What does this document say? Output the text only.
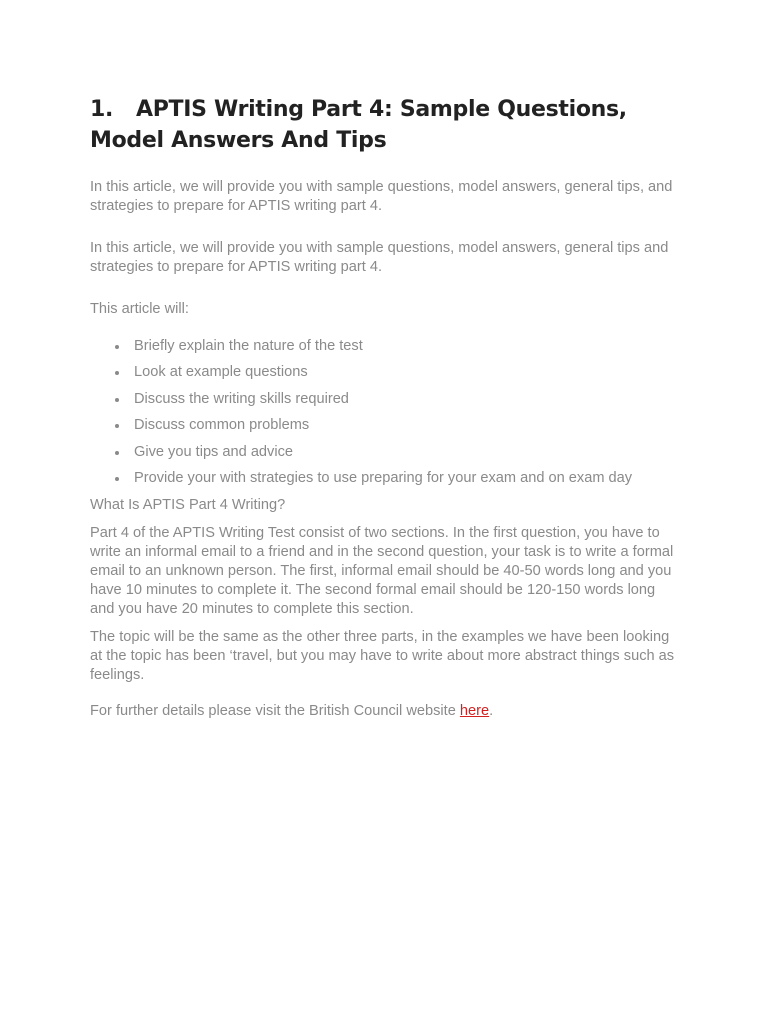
1. APTIS Writing Part 4: Sample Questions, Model Answers And Tips

In this article, we will provide you with sample questions, model answers, general tips, and strategies to prepare for APTIS writing part 4.

In this article, we will provide you with sample questions, model answers, general tips and strategies to prepare for APTIS writing part 4.

This article will:

Briefly explain the nature of the test
Look at example questions
Discuss the writing skills required
Discuss common problems
Give you tips and advice
Provide your with strategies to use preparing for your exam and on exam day
What Is APTIS Part 4 Writing?

Part 4 of the APTIS Writing Test consist of two sections. In the first question, you have to write an informal email to a friend and in the second question, your task is to write a formal email to an unknown person. The first, informal email should be 40-50 words long and you have 10 minutes to complete it. The second formal email should be 120-150 words long and you have 20 minutes to complete this section.

The topic will be the same as the other three parts, in the examples we have been looking at the topic has been ‘travel, but you may have to write about more abstract things such as feelings.

For further details please visit the British Council website here.
